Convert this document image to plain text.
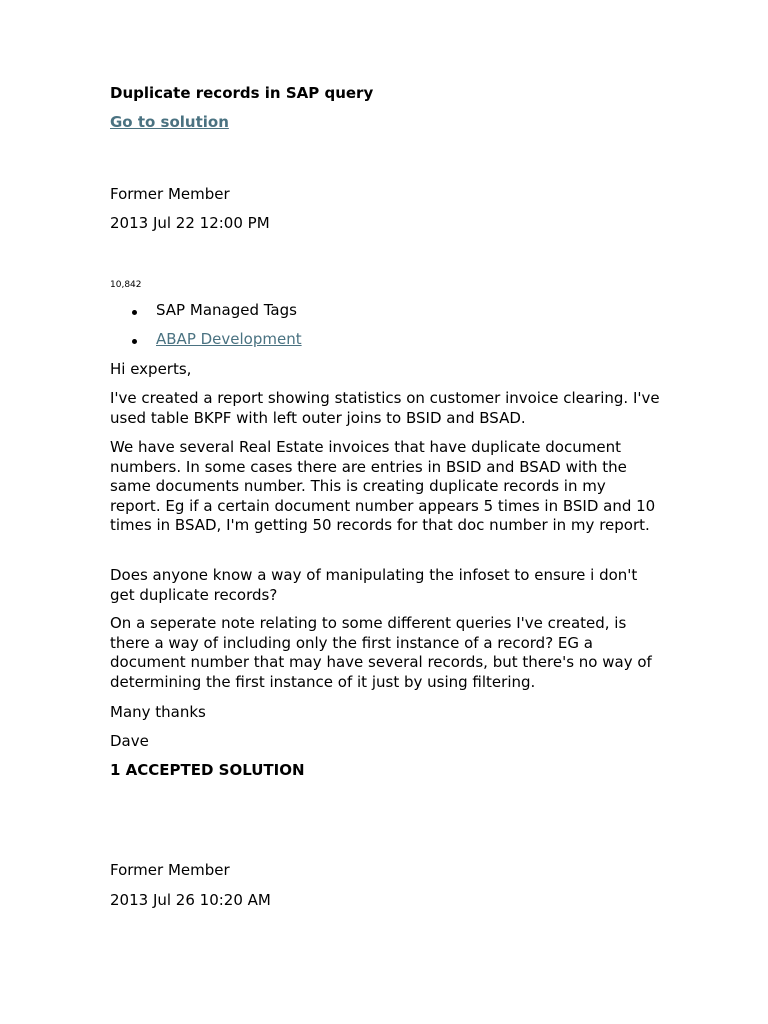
Duplicate records in SAP query
Go to solution
Former Member
2013 Jul 22 12:00 PM
10,842
SAP Managed Tags
ABAP Development

Hi experts,

I've created a report showing statistics on customer invoice clearing. I've used table BKPF with left outer joins to BSID and BSAD.

We have several Real Estate invoices that have duplicate document numbers. In some cases there are entries in BSID and BSAD with the same documents number. This is creating duplicate records in my report. Eg if a certain document number appears 5 times in BSID and 10 times in BSAD, I'm getting 50 records for that doc number in my report.

Does anyone know a way of manipulating the infoset to ensure i don't get duplicate records?

On a seperate note relating to some different queries I've created, is there a way of including only the first instance of a record? EG a document number that may have several records, but there's no way of determining the first instance of it just by using filtering.

Many thanks

Dave

1 ACCEPTED SOLUTION
Former Member
2013 Jul 26 10:20 AM
